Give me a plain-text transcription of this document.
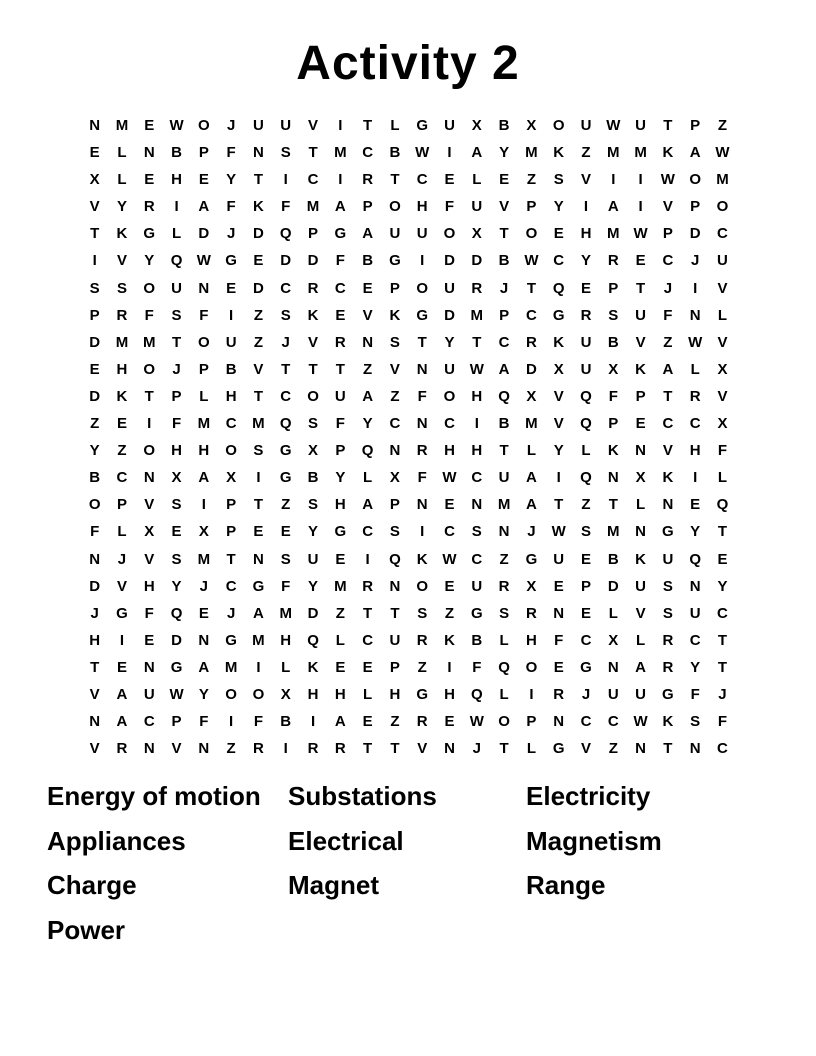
Activity 2
N	M	E	W O	J	U	U	V	I	T	L	G	U	X	B	X	O	U W U	T	P	Z
E	L	N	B	P	F	N	S	T	M	C	B W	I	A	Y	M	K	Z	M M	K	A W
X	L	E	H	E	Y	T	I	C	I	R	T	C	E	L	E	Z	S	V	I	I	W O	M
V	Y	R	I	A	F	K	F	M	A	P	O	H	F	U	V	P	Y	I	A	I	V	P	O
T	K	G	L	D	J	D	Q	P	G	A	U	U	O	X	T	O	E	H	M W	P	D	C
I	V	Y	Q W G	E	D	D	F	B	G	I	D	D	B W C	Y	R	E	C	J	U
S	S	O	U	N	E	D	C	R	C	E	P	O	U	R	J	T	Q	E	P	T	J	I	V
P	R	F	S	F	I	Z	S	K	E	V	K	G	D	M	P	C	G	R	S	U	F	N	L
D	M M	T	O	U	Z	J	V	R	N	S	T	Y	T	C	R	K	U	B	V	Z	W	V
E	H	O	J	P	B	V	T	T	T	Z	V	N	U W A	D	X	U	X	K	A	L	X
D	K	T	P	L	H	T	C	O	U	A	Z	F	O	H	Q	X	V	Q	F	P	T	R	V
Z	E	I	F	M	C	M	Q	S	F	Y	C	N	C	I	B	M	V	Q	P	E	C	C	X
Y	Z	O	H	H	O	S	G	X	P	Q	N	R	H	H	T	L	Y	L	K	N	V	H	F
B	C	N	X	A	X	I	G	B	Y	L	X	F	W C	U	A	I	Q	N	X	K	I	L
O	P	V	S	I	P	T	Z	S	H	A	P	N	E	N	M	A	T	Z	T	L	N	E	Q
F	L	X	E	X	P	E	E	Y	G	C	S	I	C	S	N	J	W	S	M	N	G	Y	T
N	J	V	S	M	T	N	S	U	E	I	Q	K W C	Z	G	U	E	B	K	U	Q	E
D	V	H	Y	J	C	G	F	Y	M	R	N	O	E	U	R	X	E	P	D	U	S	N	Y
J	G	F	Q	E	J	A	M	D	Z	T	T	S	Z	G	S	R	N	E	L	V	S	U	C
H	I	E	D	N	G	M	H	Q	L	C	U	R	K	B	L	H	F	C	X	L	R	C	T
T	E	N	G	A	M	I	L	K	E	E	P	Z	I	F	Q	O	E	G	N	A	R	Y	T
V	A	U W	Y	O	O	X	H	H	L	H	G	H	Q	L	I	R	J	U	U	G	F	J
N	A	C	P	F	I	F	B	I	A	E	Z	R	E	W O	P	N	C	C W K	S	F
V	R	N	V	N	Z	R	I	R	R	T	T	V	N	J	T	L	G	V	Z	N	T	N	C
Energy of motion
Appliances
Charge
Power
Substations
Electrical
Magnet
Electricity
Magnetism
Range
